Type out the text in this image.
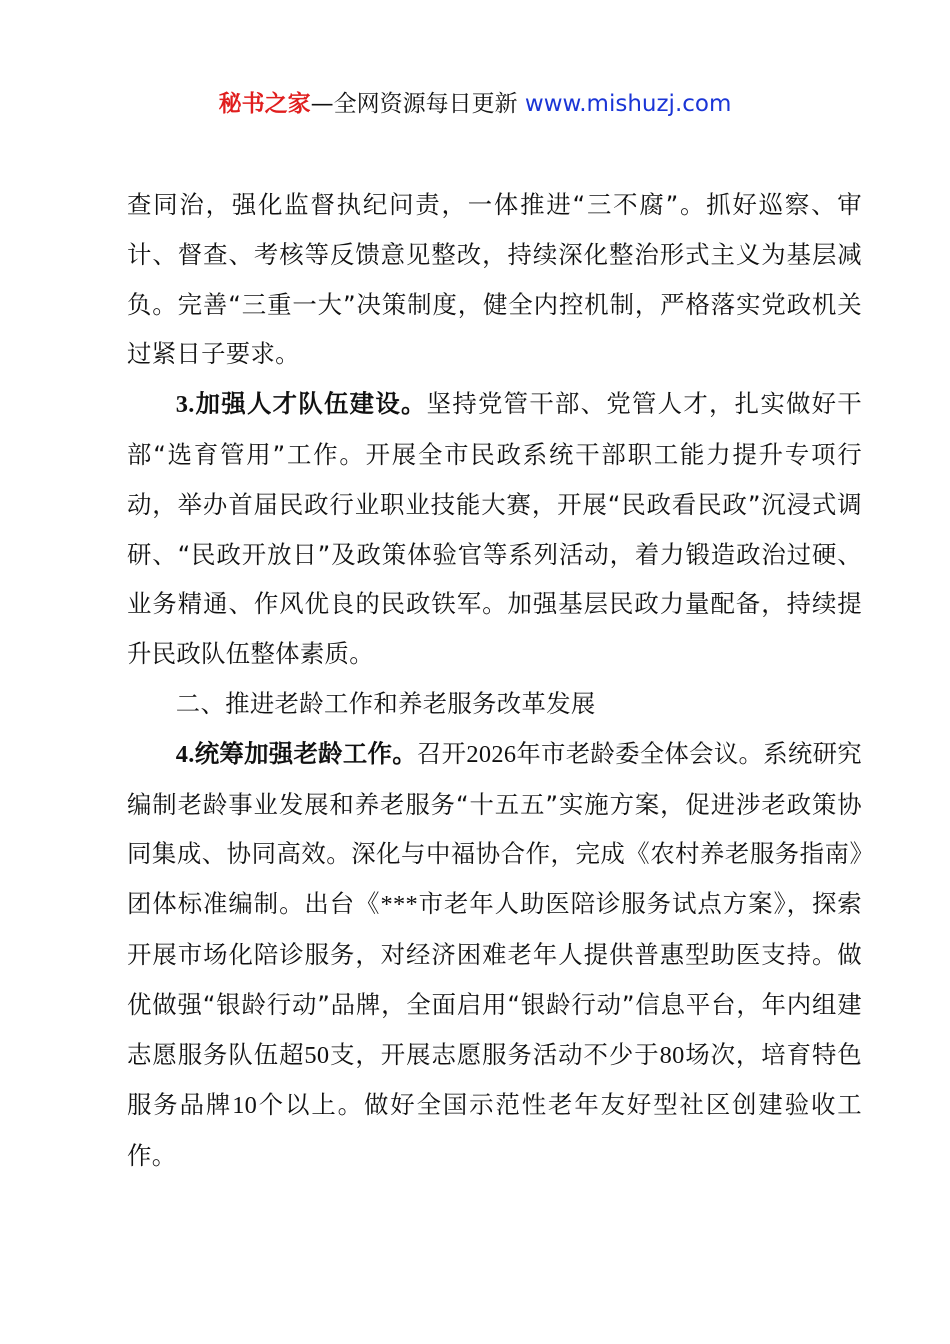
秘书之家—全网资源每日更新 www.mishuzj.com

查同治，强化监督执纪问责，一体推进“三不腐”。抓好巡察、审计、督查、考核等反馈意见整改，持续深化整治形式主义为基层减负。完善“三重一大”决策制度，健全内控机制，严格落实党政机关过紧日子要求。

3.加强人才队伍建设。坚持党管干部、党管人才，扎实做好干部“选育管用”工作。开展全市民政系统干部职工能力提升专项行动，举办首届民政行业职业技能大赛，开展“民政看民政”沉浸式调研、“民政开放日”及政策体验官等系列活动，着力锻造政治过硬、业务精通、作风优良的民政铁军。加强基层民政力量配备，持续提升民政队伍整体素质。

二、推进老龄工作和养老服务改革发展

4.统筹加强老龄工作。召开2026年市老龄委全体会议。系统研究编制老龄事业发展和养老服务“十五五”实施方案，促进涉老政策协同集成、协同高效。深化与中福协合作，完成《农村养老服务指南》团体标准编制。出台《***市老年人助医陪诊服务试点方案》，探索开展市场化陪诊服务，对经济困难老年人提供普惠型助医支持。做优做强“银龄行动”品牌，全面启用“银龄行动”信息平台，年内组建志愿服务队伍超50支，开展志愿服务活动不少于80场次，培育特色服务品牌10个以上。做好全国示范性老年友好型社区创建验收工作。
